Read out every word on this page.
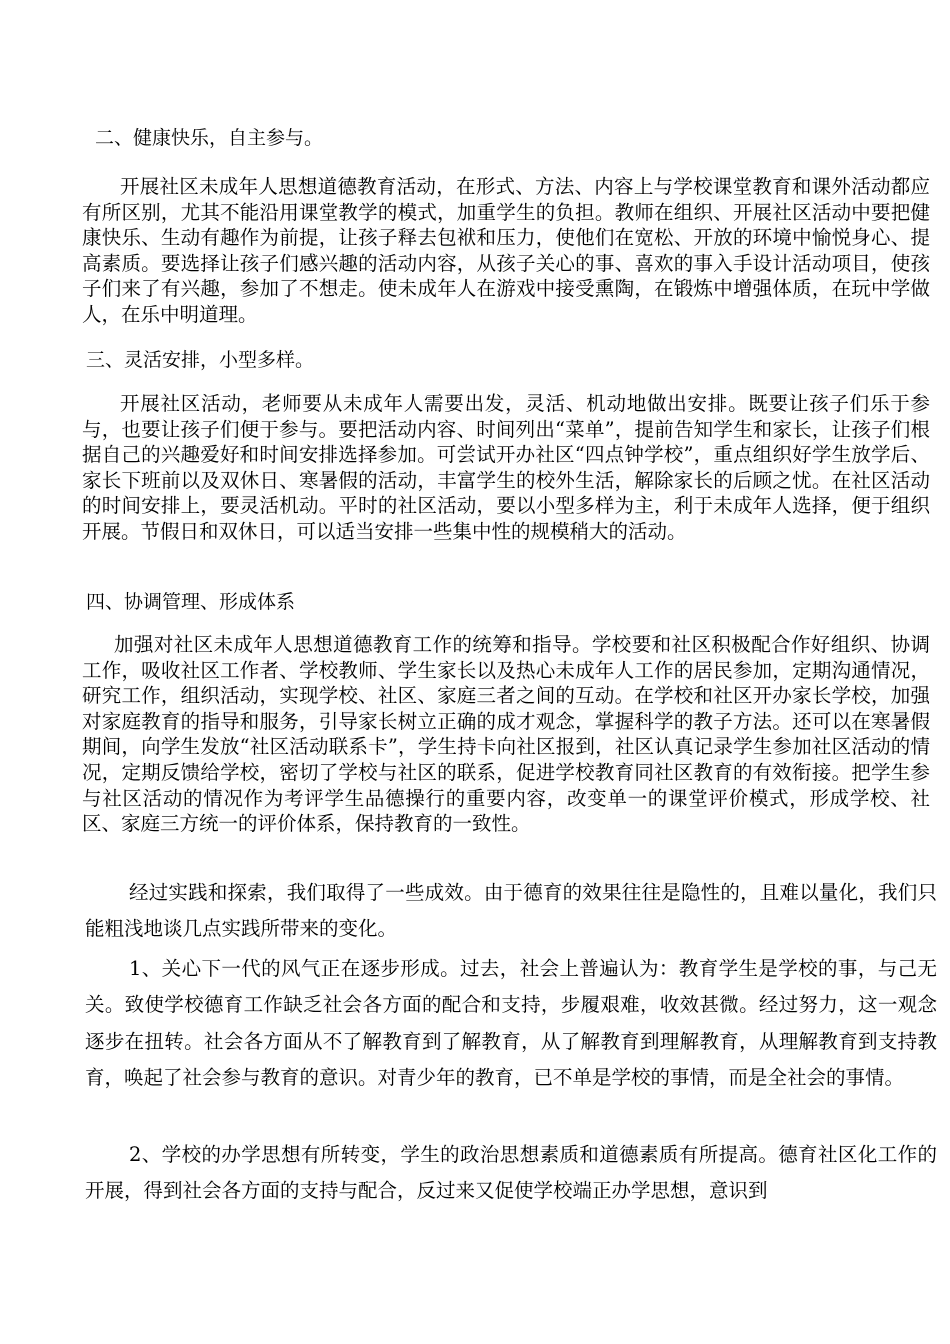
二、健康快乐，自主参与。

开展社区未成年人思想道德教育活动，在形式、方法、内容上与学校课堂教育和课外活动都应有所区别，尤其不能沿用课堂教学的模式，加重学生的负担。教师在组织、开展社区活动中要把健康快乐、生动有趣作为前提，让孩子释去包袱和压力，使他们在宽松、开放的环境中愉悦身心、提高素质。要选择让孩子们感兴趣的活动内容，从孩子关心的事、喜欢的事入手设计活动项目，使孩子们来了有兴趣，参加了不想走。使未成年人在游戏中接受熏陶，在锻炼中增强体质，在玩中学做人，在乐中明道理。

三、灵活安排，小型多样。

开展社区活动，老师要从未成年人需要出发，灵活、机动地做出安排。既要让孩子们乐于参与，也要让孩子们便于参与。要把活动内容、时间列出“菜单”，提前告知学生和家长，让孩子们根据自己的兴趣爱好和时间安排选择参加。可尝试开办社区“四点钟学校”，重点组织好学生放学后、家长下班前以及双休日、寒暑假的活动，丰富学生的校外生活，解除家长的后顾之忧。在社区活动的时间安排上，要灵活机动。平时的社区活动，要以小型多样为主，利于未成年人选择，便于组织开展。节假日和双休日，可以适当安排一些集中性的规模稍大的活动。

四、协调管理、形成体系

加强对社区未成年人思想道德教育工作的统筹和指导。学校要和社区积极配合作好组织、协调工作，吸收社区工作者、学校教师、学生家长以及热心未成年人工作的居民参加，定期沟通情况，研究工作，组织活动，实现学校、社区、家庭三者之间的互动。在学校和社区开办家长学校，加强对家庭教育的指导和服务，引导家长树立正确的成才观念，掌握科学的教子方法。还可以在寒暑假期间，向学生发放“社区活动联系卡”，学生持卡向社区报到，社区认真记录学生参加社区活动的情况，定期反馈给学校，密切了学校与社区的联系，促进学校教育同社区教育的有效衔接。把学生参与社区活动的情况作为考评学生品德操行的重要内容，改变单一的课堂评价模式，形成学校、社区、家庭三方统一的评价体系，保持教育的一致性。

经过实践和探索，我们取得了一些成效。由于德育的效果往往是隐性的，且难以量化，我们只能粗浅地谈几点实践所带来的变化。

1、关心下一代的风气正在逐步形成。过去，社会上普遍认为：教育学生是学校的事，与己无关。致使学校德育工作缺乏社会各方面的配合和支持，步履艰难，收效甚微。经过努力，这一观念逐步在扭转。社会各方面从不了解教育到了解教育，从了解教育到理解教育，从理解教育到支持教育，唤起了社会参与教育的意识。对青少年的教育，已不单是学校的事情，而是全社会的事情。

2、学校的办学思想有所转变，学生的政治思想素质和道德素质有所提高。德育社区化工作的开展，得到社会各方面的支持与配合，反过来又促使学校端正办学思想，意识到
